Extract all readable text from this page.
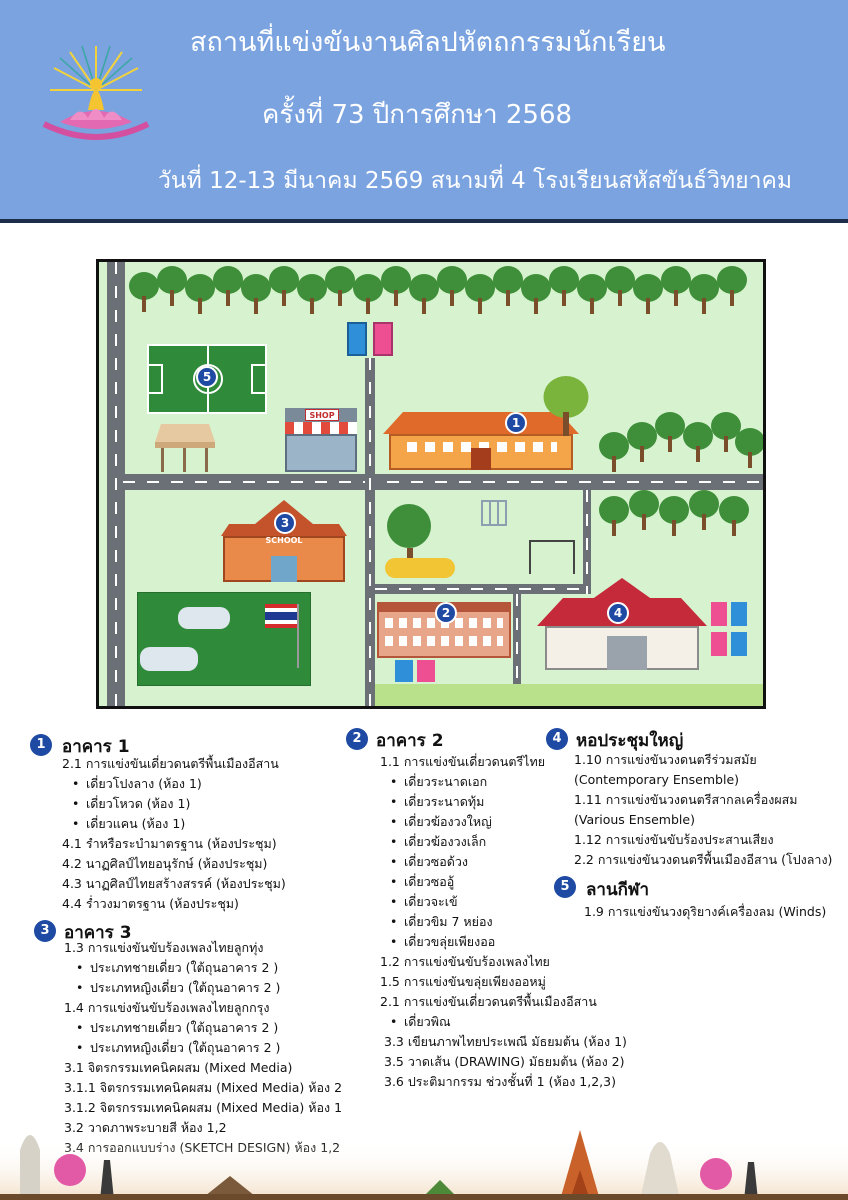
สถานที่แข่งขันงานศิลปหัตถกรรมนักเรียน
ครั้งที่ 73 ปีการศึกษา 2568
วันที่ 12-13 มีนาคม 2569 สนามที่ 4 โรงเรียนสหัสขันธ์วิทยาคม
5
SHOP
1
SCHOOL
3
2	4
1 อาคาร 1
2.1 การแข่งขันเดี่ยวดนตรีพื้นเมืองอีสาน
• เดี่ยวโปงลาง (ห้อง 1)
• เดี่ยวโหวด (ห้อง 1)
• เดี่ยวแคน (ห้อง 1)
4.1 รำหรือระบำมาตรฐาน (ห้องประชุม)
4.2 นาฏศิลป์ไทยอนุรักษ์ (ห้องประชุม)
4.3 นาฏศิลป์ไทยสร้างสรรค์ (ห้องประชุม)
4.4 ร่ำวงมาตรฐาน (ห้องประชุม)
3 อาคาร 3
1.3 การแข่งขันขับร้องเพลงไทยลูกทุ่ง
• ประเภทชายเดี่ยว (ใต้ถุนอาคาร 2 )
• ประเภทหญิงเดี่ยว (ใต้ถุนอาคาร 2 )
1.4 การแข่งขันขับร้องเพลงไทยลูกกรุง
• ประเภทชายเดี่ยว (ใต้ถุนอาคาร 2 )
• ประเภทหญิงเดี่ยว (ใต้ถุนอาคาร 2 )
3.1 จิตรกรรมเทคนิคผสม (Mixed Media)
3.1.1 จิตรกรรมเทคนิคผสม (Mixed Media) ห้อง 2
3.1.2 จิตรกรรมเทคนิคผสม (Mixed Media) ห้อง 1
3.2 วาดภาพระบายสี ห้อง 1,2
2 อาคาร 2
1.1 การแข่งขันเดี่ยวดนตรีไทย
• เดี่ยวระนาดเอก
• เดี่ยวระนาดทุ้ม
• เดี่ยวฆ้องวงใหญ่
• เดี่ยวฆ้องวงเล็ก
• เดี่ยวซอด้วง
• เดี่ยวซออู้
• เดี่ยวจะเข้
• เดี่ยวขิม 7 หย่อง
• เดี่ยวขลุ่ยเพียงออ
1.2 การแข่งขันขับร้องเพลงไทย
1.5 การแข่งขันขลุ่ยเพียงออหมู่
2.1 การแข่งขันเดี่ยวดนตรีพื้นเมืองอีสาน
• เดี่ยวพิณ
3.3 เขียนภาพไทยประเพณี มัธยมต้น (ห้อง 1)
3.5 วาดเส้น (DRAWING) มัธยมต้น (ห้อง 2)
3.6 ประติมากรรม ช่วงชั้นที่ 1 (ห้อง 1,2,3)
4 หอประชุมใหญ่
1.10 การแข่งขันวงดนตรีร่วมสมัย
(Contemporary Ensemble)
1.11 การแข่งขันวงดนตรีสากลเครื่องผสม
(Various Ensemble)
1.12 การแข่งขันขับร้องประสานเสียง
2.2 การแข่งขันวงดนตรีพื้นเมืองอีสาน (โปงลาง)
5 ลานกีฬา
1.9 การแข่งขันวงดุริยางค์เครื่องลม (Winds)
